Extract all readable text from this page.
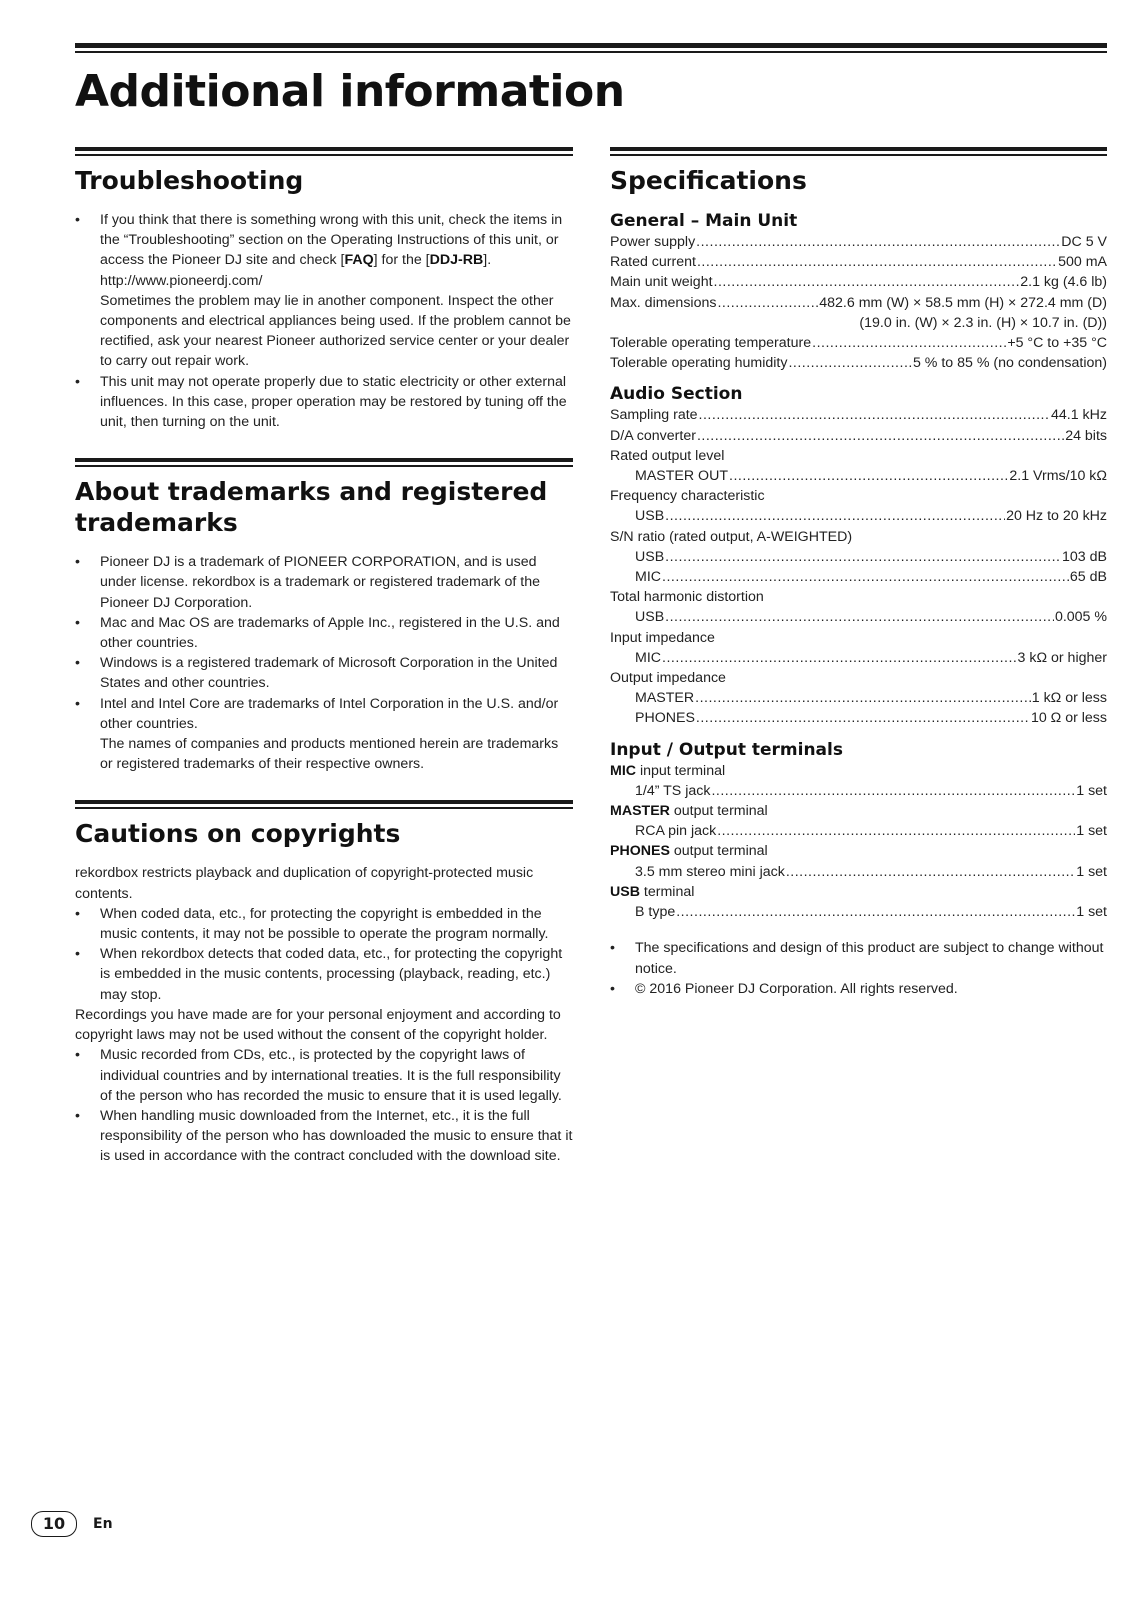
Additional information
Troubleshooting
• If you think that there is something wrong with this unit, check the items in the “Troubleshooting” section on the Operating Instructions of this unit, or access the Pioneer DJ site and check [FAQ] for the [DDJ-RB].
http://www.pioneerdj.com/
Sometimes the problem may lie in another component. Inspect the other components and electrical appliances being used. If the problem cannot be rectified, ask your nearest Pioneer authorized service center or your dealer to carry out repair work.
• This unit may not operate properly due to static electricity or other external influences. In this case, proper operation may be restored by tuning off the unit, then turning on the unit.
About trademarks and registered trademarks
• Pioneer DJ is a trademark of PIONEER CORPORATION, and is used under license. rekordbox is a trademark or registered trademark of the Pioneer DJ Corporation.
• Mac and Mac OS are trademarks of Apple Inc., registered in the U.S. and other countries.
• Windows is a registered trademark of Microsoft Corporation in the United States and other countries.
• Intel and Intel Core are trademarks of Intel Corporation in the U.S. and/or other countries.
The names of companies and products mentioned herein are trademarks or registered trademarks of their respective owners.
Cautions on copyrights

rekordbox restricts playback and duplication of copyright-protected music contents.

• When coded data, etc., for protecting the copyright is embedded in the music contents, it may not be possible to operate the program normally.
• When rekordbox detects that coded data, etc., for protecting the copyright is embedded in the music contents, processing (playback, reading, etc.) may stop.

Recordings you have made are for your personal enjoyment and according to copyright laws may not be used without the consent of the copyright holder.

• Music recorded from CDs, etc., is protected by the copyright laws of individual countries and by international treaties. It is the full responsibility of the person who has recorded the music to ensure that it is used legally.
• When handling music downloaded from the Internet, etc., it is the full responsibility of the person who has downloaded the music to ensure that it is used in accordance with the contract concluded with the download site.
Specifications
General – Main Unit
Power supply .....	DC 5 V
Rated current .....	500 mA
Main unit weight .....	2.1 kg (4.6 lb)
Max. dimensions .....	482.6 mm (W) × 58.5 mm (H) × 272.4 mm (D)
(19.0 in. (W) × 2.3 in. (H) × 10.7 in. (D))
Tolerable operating temperature .....	+5 °C to +35 °C
Tolerable operating humidity .....	5 % to 85 % (no condensation)
Audio Section
Sampling rate .....	44.1 kHz
D/A converter .....	24 bits
Rated output level
MASTER OUT .....	2.1 Vrms/10 kΩ
Frequency characteristic
USB .....	20 Hz to 20 kHz
S/N ratio (rated output, A-WEIGHTED)
USB .....	103 dB
MIC .....	65 dB
Total harmonic distortion
USB .....	0.005 %
Input impedance
MIC .....	3 kΩ or higher
Output impedance
MASTER .....	1 kΩ or less
PHONES .....	10 Ω or less
Input / Output terminals
MIC input terminal
1/4” TS jack .....	1 set
MASTER output terminal
RCA pin jack .....	1 set
PHONES output terminal
3.5 mm stereo mini jack .....	1 set
USB terminal
B type .....	1 set
• The specifications and design of this product are subject to change without notice.
• © 2016 Pioneer DJ Corporation. All rights reserved.
10	En
